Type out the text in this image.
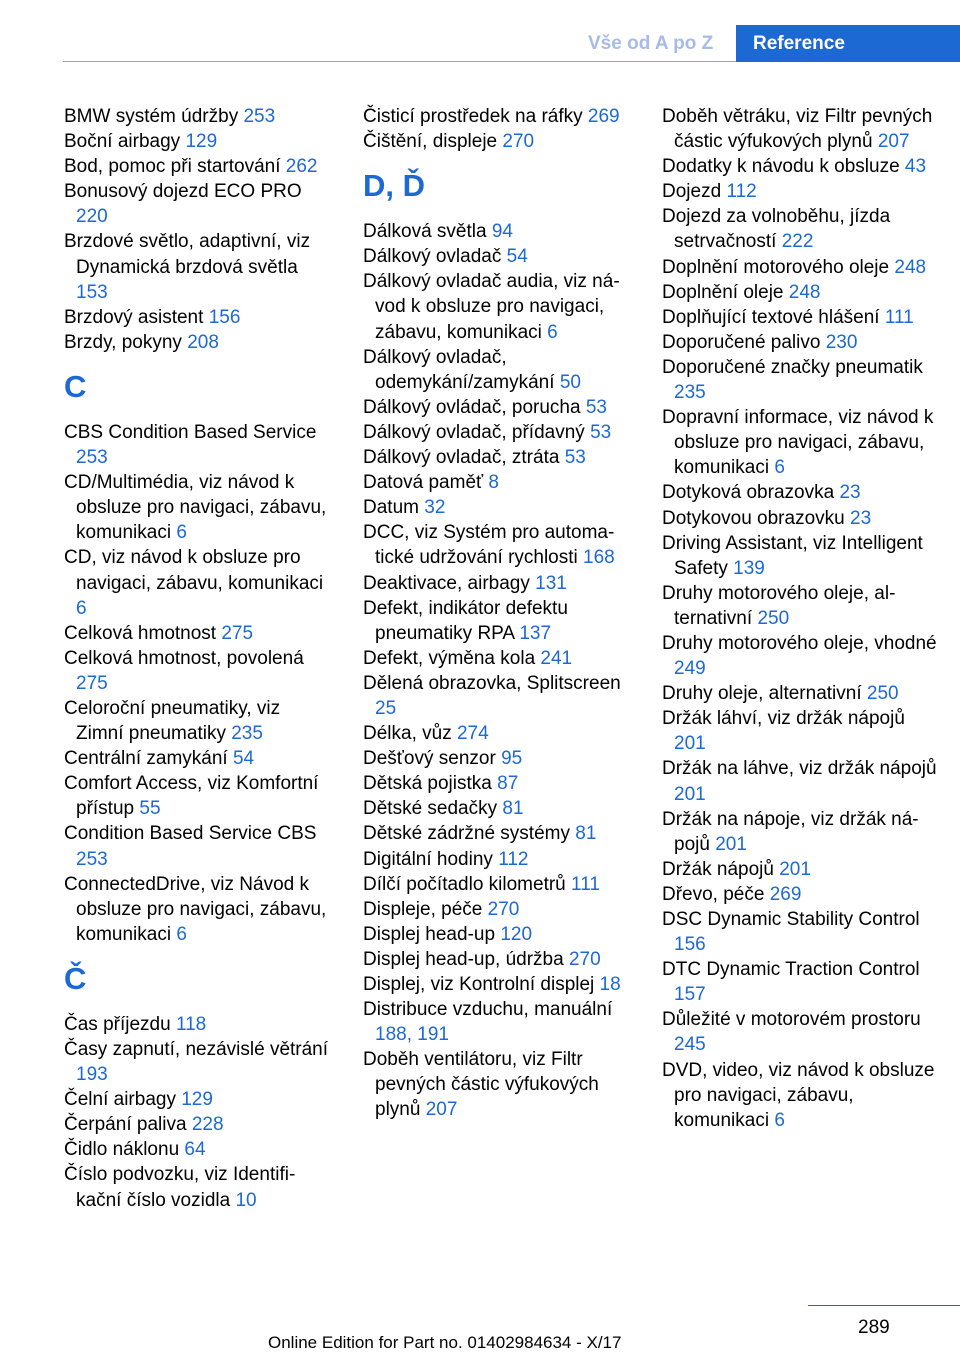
Vše od A po Z	Reference
BMW systém údržby 253
Boční airbagy 129
Bod, pomoc při startování 262
Bonusový dojezd ECO PRO 220
Brzdové světlo, adaptivní, viz Dynamická brzdová světla 153
Brzdový asistent 156
Brzdy, pokyny 208
C
CBS Condition Based Service 253
CD/Multimédia, viz návod k obsluze pro navigaci, zábavu, komunikaci 6
CD, viz návod k obsluze pro navigaci, zábavu, komunikaci 6
Celková hmotnost 275
Celková hmotnost, povolená 275
Celoroční pneumatiky, viz Zimní pneumatiky 235
Centrální zamykání 54
Comfort Access, viz Komfortní přístup 55
Condition Based Service CBS 253
ConnectedDrive, viz Návod k obsluze pro navigaci, zábavu, komunikaci 6
Č
Čas příjezdu 118
Časy zapnutí, nezávislé větrání 193
Čelní airbagy 129
Čerpání paliva 228
Čidlo náklonu 64
Číslo podvozku, viz Identifikační číslo vozidla 10
Čisticí prostředek na ráfky 269
Čištění, displeje 270
D, Ď
Dálková světla 94
Dálkový ovladač 54
Dálkový ovladač audia, viz návod k obsluze pro navigaci, zábavu, komunikaci 6
Dálkový ovladač, odemykání/zamykání 50
Dálkový ovládač, porucha 53
Dálkový ovladač, přídavný 53
Dálkový ovladač, ztráta 53
Datová paměť 8
Datum 32
DCC, viz Systém pro automatické udržování rychlosti 168
Deaktivace, airbagy 131
Defekt, indikátor defektu pneumatiky RPA 137
Defekt, výměna kola 241
Dělená obrazovka, Splitscreen 25
Délka, vůz 274
Dešťový senzor 95
Dětská pojistka 87
Dětské sedačky 81
Dětské zádržné systémy 81
Digitální hodiny 112
Dílčí počítadlo kilometrů 111
Displeje, péče 270
Displej head-up 120
Displej head-up, údržba 270
Displej, viz Kontrolní displej 18
Distribuce vzduchu, manuální 188, 191
Doběh ventilátoru, viz Filtr pevných částic výfukových plynů 207
Doběh větráku, viz Filtr pevných částic výfukových plynů 207
Dodatky k návodu k obsluze 43
Dojezd 112
Dojezd za volnoběhu, jízda setrvačností 222
Doplnění motorového oleje 248
Doplnění oleje 248
Doplňující textové hlášení 111
Doporučené palivo 230
Doporučené značky pneumatik 235
Dopravní informace, viz návod k obsluze pro navigaci, zábavu, komunikaci 6
Dotyková obrazovka 23
Dotykovou obrazovku 23
Driving Assistant, viz Intelligent Safety 139
Druhy motorového oleje, alternativní 250
Druhy motorového oleje, vhodné 249
Druhy oleje, alternativní 250
Držák láhví, viz držák nápojů 201
Držák na láhve, viz držák nápojů 201
Držák na nápoje, viz držák nápojů 201
Držák nápojů 201
Dřevo, péče 269
DSC Dynamic Stability Control 156
DTC Dynamic Traction Control 157
Důležité v motorovém prostoru 245
DVD, video, viz návod k obsluze pro navigaci, zábavu, komunikaci 6
289
Online Edition for Part no. 01402984634 - X/17
